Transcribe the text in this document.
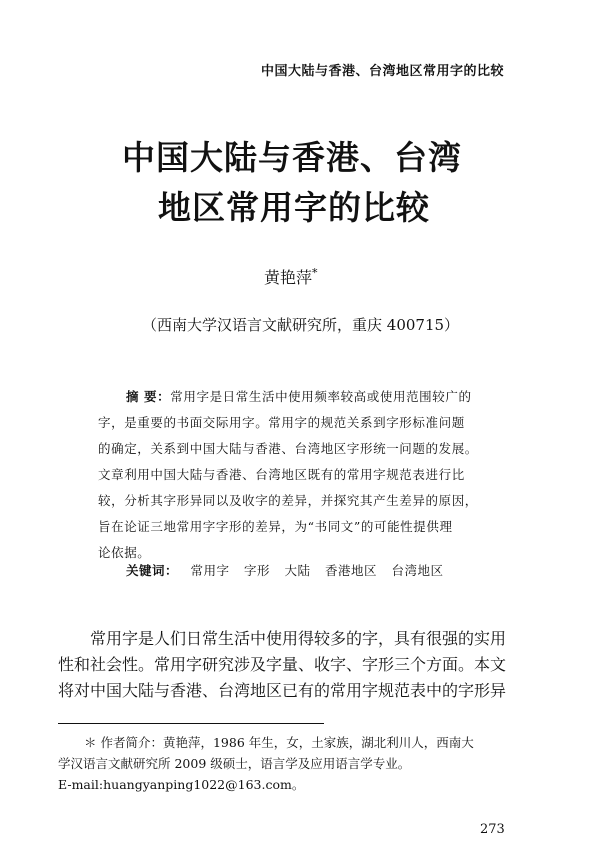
中国大陆与香港、台湾地区常用字的比较
中国大陆与香港、台湾
地区常用字的比较
黄艳萍*
（西南大学汉语言文献研究所，重庆 400715）
摘 要：常用字是日常生活中使用频率较高或使用范围较广的
字，是重要的书面交际用字。常用字的规范关系到字形标准问题
的确定，关系到中国大陆与香港、台湾地区字形统一问题的发展。
文章利用中国大陆与香港、台湾地区既有的常用字规范表进行比
较，分析其字形异同以及收字的差异，并探究其产生差异的原因，
旨在论证三地常用字字形的差异，为“书同文”的可能性提供理
论依据。
关键词： 常用字 字形 大陆 香港地区 台湾地区
常用字是人们日常生活中使用得较多的字，具有很强的实用
性和社会性。常用字研究涉及字量、收字、字形三个方面。本文
将对中国大陆与香港、台湾地区已有的常用字规范表中的字形异
＊ 作者简介：黄艳萍，1986 年生，女，土家族，湖北利川人，西南大
学汉语言文献研究所 2009 级硕士，语言学及应用语言学专业。
E-mail:huangyanping1022@163.com。
273
